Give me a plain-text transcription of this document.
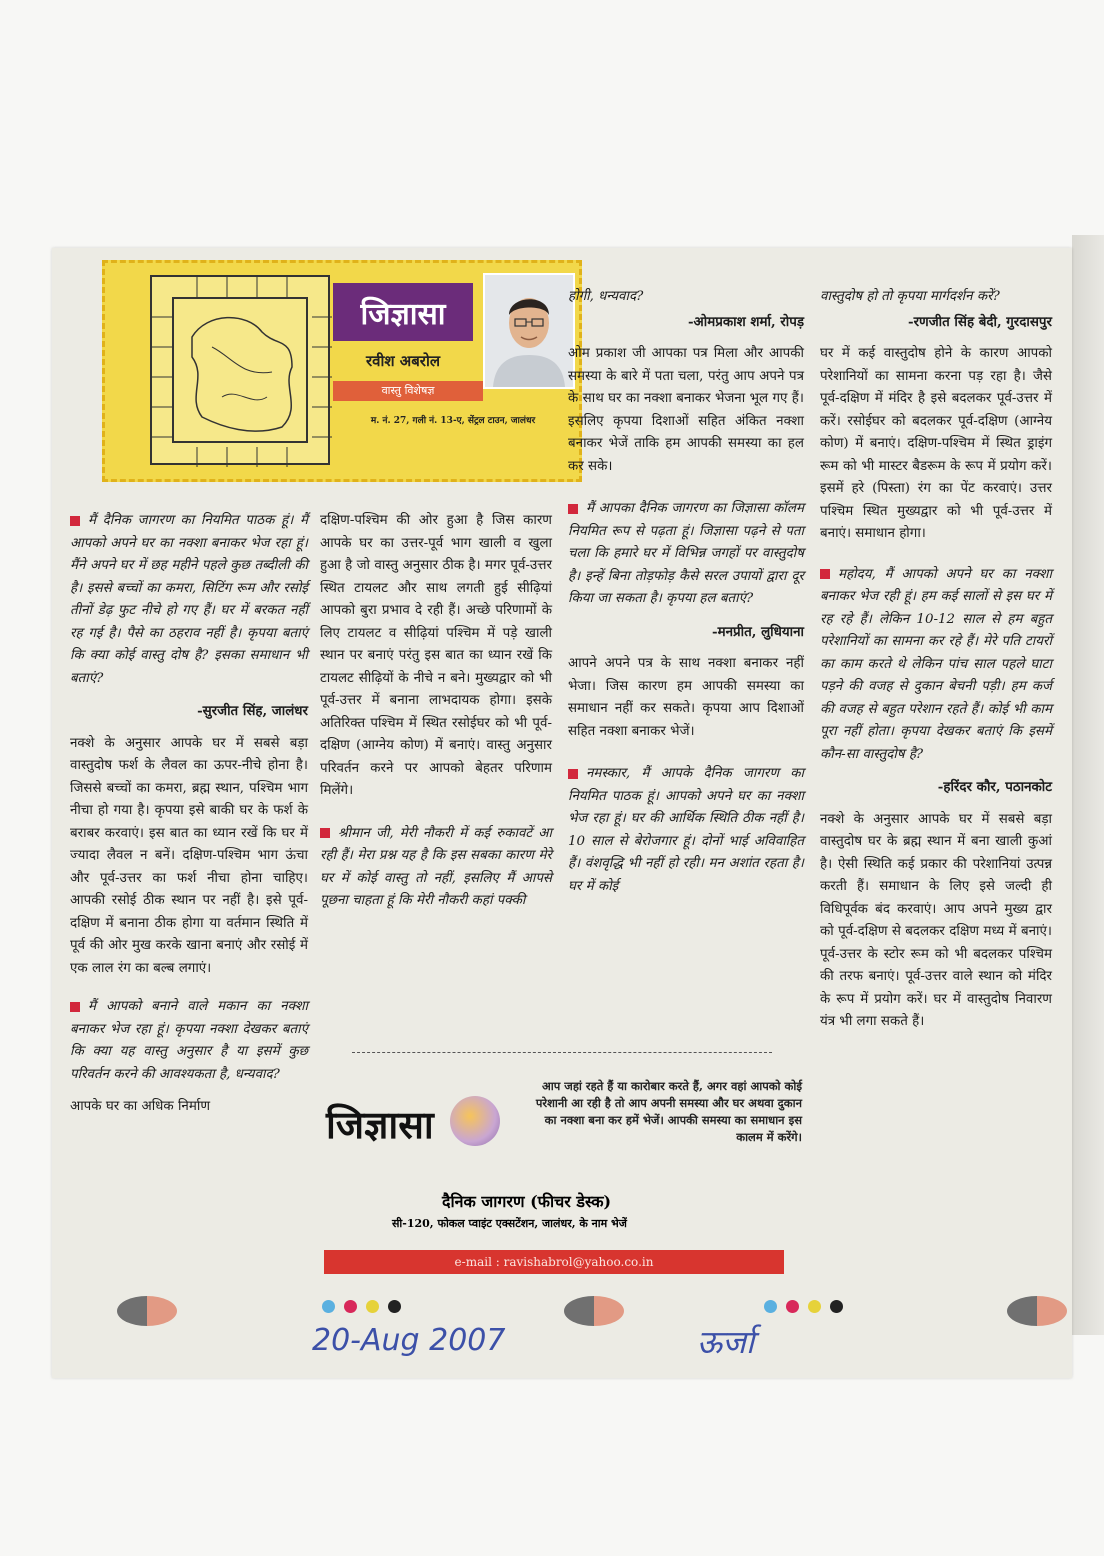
जिज्ञासा
रवीश अबरोल
वास्तु विशेषज्ञ
म. नं. 27, गली नं. 13-ए, सेंट्रल टाउन, जालंधर

मैं दैनिक जागरण का नियमित पाठक हूं। मैं आपको अपने घर का नक्शा बनाकर भेज रहा हूं। मैंने अपने घर में छह महीने पहले कुछ तब्दीली की है। इससे बच्चों का कमरा, सिटिंग रूम और रसोई तीनों डेढ़ फुट नीचे हो गए हैं। घर में बरकत नहीं रह गई है। पैसे का ठहराव नहीं है। कृपया बताएं कि क्या कोई वास्तु दोष है? इसका समाधान भी बताएं?

-सुरजीत सिंह, जालंधर

नक्शे के अनुसार आपके घर में सबसे बड़ा वास्तुदोष फर्श के लैवल का ऊपर-नीचे होना है। जिससे बच्चों का कमरा, ब्रह्म स्थान, पश्चिम भाग नीचा हो गया है। कृपया इसे बाकी घर के फर्श के बराबर करवाएं। इस बात का ध्यान रखें कि घर में ज्यादा लैवल न बनें। दक्षिण-पश्चिम भाग ऊंचा और पूर्व-उत्तर का फर्श नीचा होना चाहिए। आपकी रसोई ठीक स्थान पर नहीं है। इसे पूर्व-दक्षिण में बनाना ठीक होगा या वर्तमान स्थिति में पूर्व की ओर मुख करके खाना बनाएं और रसोई में एक लाल रंग का बल्ब लगाएं।

मैं आपको बनाने वाले मकान का नक्शा बनाकर भेज रहा हूं। कृपया नक्शा देखकर बताएं कि क्या यह वास्तु अनुसार है या इसमें कुछ परिवर्तन करने की आवश्यकता है, धन्यवाद?

आपके घर का अधिक निर्माण

दक्षिण-पश्चिम की ओर हुआ है जिस कारण आपके घर का उत्तर-पूर्व भाग खाली व खुला हुआ है जो वास्तु अनुसार ठीक है। मगर पूर्व-उत्तर स्थित टायलट और साथ लगती हुई सीढ़ियां आपको बुरा प्रभाव दे रही हैं। अच्छे परिणामों के लिए टायलट व सीढ़ियां पश्चिम में पड़े खाली स्थान पर बनाएं परंतु इस बात का ध्यान रखें कि टायलट सीढ़ियों के नीचे न बने। मुख्यद्वार को भी पूर्व-उत्तर में बनाना लाभदायक होगा। इसके अतिरिक्त पश्चिम में स्थित रसोईघर को भी पूर्व-दक्षिण (आग्नेय कोण) में बनाएं। वास्तु अनुसार परिवर्तन करने पर आपको बेहतर परिणाम मिलेंगे।

श्रीमान जी, मेरी नौकरी में कई रुकावटें आ रही हैं। मेरा प्रश्न यह है कि इस सबका कारण मेरे घर में कोई वास्तु तो नहीं, इसलिए मैं आपसे पूछना चाहता हूं कि मेरी नौकरी कहां पक्की

होगी, धन्यवाद?

-ओमप्रकाश शर्मा, रोपड़

ओम प्रकाश जी आपका पत्र मिला और आपकी समस्या के बारे में पता चला, परंतु आप अपने पत्र के साथ घर का नक्शा बनाकर भेजना भूल गए हैं। इसलिए कृपया दिशाओं सहित अंकित नक्शा बनाकर भेजें ताकि हम आपकी समस्या का हल कर सके।

मैं आपका दैनिक जागरण का जिज्ञासा कॉलम नियमित रूप से पढ़ता हूं। जिज्ञासा पढ़ने से पता चला कि हमारे घर में विभिन्न जगहों पर वास्तुदोष है। इन्हें बिना तोड़फोड़ कैसे सरल उपायों द्वारा दूर किया जा सकता है। कृपया हल बताएं?

-मनप्रीत, लुधियाना

आपने अपने पत्र के साथ नक्शा बनाकर नहीं भेजा। जिस कारण हम आपकी समस्या का समाधान नहीं कर सकते। कृपया आप दिशाओं सहित नक्शा बनाकर भेजें।

नमस्कार, मैं आपके दैनिक जागरण का नियमित पाठक हूं। आपको अपने घर का नक्शा भेज रहा हूं। घर की आर्थिक स्थिति ठीक नहीं है। 10 साल से बेरोजगार हूं। दोनों भाई अविवाहित हैं। वंशवृद्धि भी नहीं हो रही। मन अशांत रहता है। घर में कोई

वास्तुदोष हो तो कृपया मार्गदर्शन करें?

-रणजीत सिंह बेदी, गुरदासपुर

घर में कई वास्तुदोष होने के कारण आपको परेशानियों का सामना करना पड़ रहा है। जैसे पूर्व-दक्षिण में मंदिर है इसे बदलकर पूर्व-उत्तर में करें। रसोईघर को बदलकर पूर्व-दक्षिण (आग्नेय कोण) में बनाएं। दक्षिण-पश्चिम में स्थित ड्राइंग रूम को भी मास्टर बैडरूम के रूप में प्रयोग करें। इसमें हरे (पिस्ता) रंग का पेंट करवाएं। उत्तर पश्चिम स्थित मुख्यद्वार को भी पूर्व-उत्तर में बनाएं। समाधान होगा।

महोदय, मैं आपको अपने घर का नक्शा बनाकर भेज रही हूं। हम कई सालों से इस घर में रह रहे हैं। लेकिन 10-12 साल से हम बहुत परेशानियों का सामना कर रहे हैं। मेरे पति टायरों का काम करते थे लेकिन पांच साल पहले घाटा पड़ने की वजह से दुकान बेचनी पड़ी। हम कर्ज की वजह से बहुत परेशान रहते हैं। कोई भी काम पूरा नहीं होता। कृपया देखकर बताएं कि इसमें कौन-सा वास्तुदोष है?

-हरिंदर कौर, पठानकोट

नक्शे के अनुसार आपके घर में सबसे बड़ा वास्तुदोष घर के ब्रह्म स्थान में बना खाली कुआं है। ऐसी स्थिति कई प्रकार की परेशानियां उत्पन्न करती हैं। समाधान के लिए इसे जल्दी ही विधिपूर्वक बंद करवाएं। आप अपने मुख्य द्वार को पूर्व-दक्षिण से बदलकर दक्षिण मध्य में बनाएं। पूर्व-उत्तर के स्टोर रूम को भी बदलकर पश्चिम की तरफ बनाएं। पूर्व-उत्तर वाले स्थान को मंदिर के रूप में प्रयोग करें। घर में वास्तुदोष निवारण यंत्र भी लगा सकते हैं।

जिज्ञासा
आप जहां रहते हैं या कारोबार करते हैं, अगर वहां आपको कोई परेशानी आ रही है तो आप अपनी समस्या और घर अथवा दुकान का नक्शा बना कर हमें भेजें। आपकी समस्या का समाधान इस कालम में करेंगे।
दैनिक जागरण (फीचर डेस्क)
सी-120, फोकल प्वाइंट एक्सटेंशन, जालंधर, के नाम भेजें
e-mail : ravishabrol@yahoo.co.in
20-Aug 2007	ऊर्जा
